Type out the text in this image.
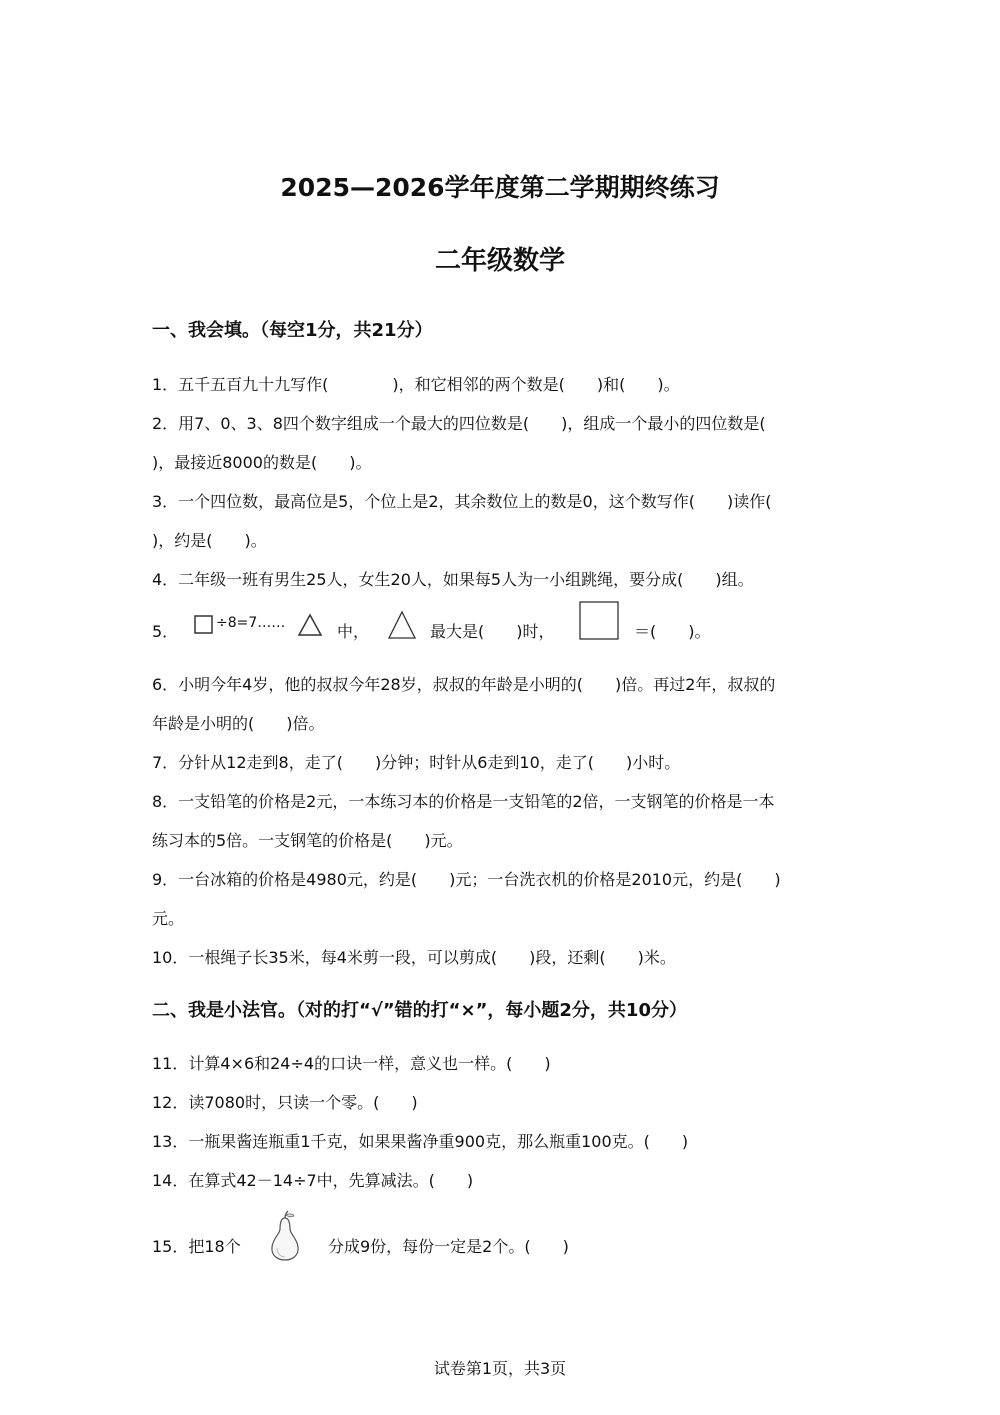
2025—2026学年度第二学期期终练习
二年级数学
一、我会填。（每空1分，共21分）
1．五千五百九十九写作(　　　　)，和它相邻的两个数是(　　)和(　　)。
2．用7、0、3、8四个数字组成一个最大的四位数是(　　)，组成一个最小的四位数是(
)，最接近8000的数是(　　)。
3．一个四位数，最高位是5，个位上是2，其余数位上的数是0，这个数写作(　　)读作(
)，约是(　　)。
4．二年级一班有男生25人，女生20人，如果每5人为一小组跳绳，要分成(　　)组。
5．	÷8=7……	中，	最大是(　　)时，	＝(　　)。
6．小明今年4岁，他的叔叔今年28岁，叔叔的年龄是小明的(　　)倍。再过2年，叔叔的
年龄是小明的(　　)倍。
7．分针从12走到8，走了(　　)分钟；时针从6走到10，走了(　　)小时。
8．一支铅笔的价格是2元，一本练习本的价格是一支铅笔的2倍，一支钢笔的价格是一本
练习本的5倍。一支钢笔的价格是(　　)元。
9．一台冰箱的价格是4980元，约是(　　)元；一台洗衣机的价格是2010元，约是(　　)
元。
10．一根绳子长35米，每4米剪一段，可以剪成(　　)段，还剩(　　)米。
二、我是小法官。（对的打“√”错的打“×”，每小题2分，共10分）
11．计算4×6和24÷4的口诀一样，意义也一样。(　　)
12．读7080时，只读一个零。(　　)
13．一瓶果酱连瓶重1千克，如果果酱净重900克，那么瓶重100克。(　　)
14．在算式42－14÷7中，先算减法。(　　)
15．把18个	分成9份，每份一定是2个。(　　)
试卷第1页，共3页
